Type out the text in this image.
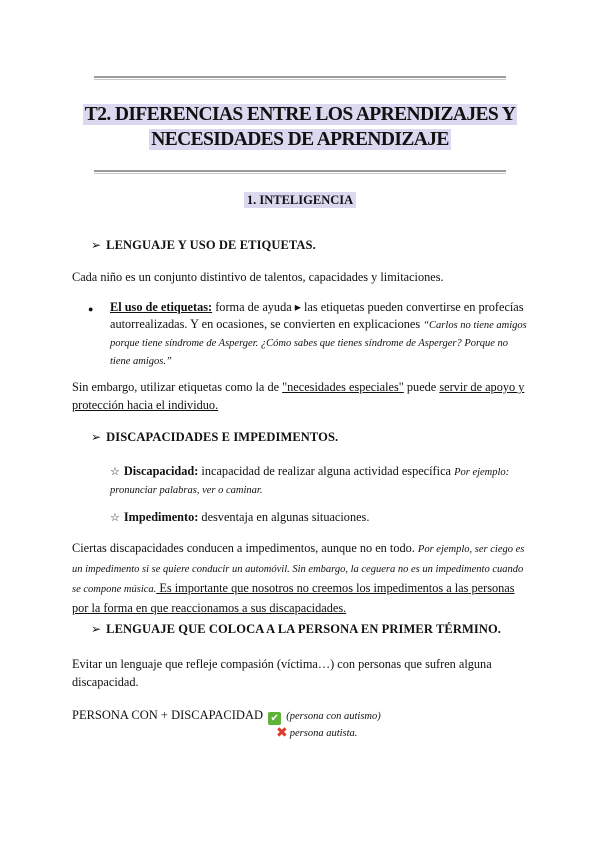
T2. DIFERENCIAS ENTRE LOS APRENDIZAJES Y
NECESIDADES DE APRENDIZAJE
1. INTELIGENCIA
➢ LENGUAJE Y USO DE ETIQUETAS.
Cada niño es un conjunto distintivo de talentos, capacidades y limitaciones.
● El uso de etiquetas: forma de ayuda ▸ las etiquetas pueden convertirse en profecías autorrealizadas. Y en ocasiones, se convierten en explicaciones “Carlos no tiene amigos porque tiene síndrome de Asperger. ¿Cómo sabes que tienes síndrome de Asperger? Porque no tiene amigos.”
Sin embargo, utilizar etiquetas como la de "necesidades especiales" puede servir de apoyo y protección hacia el individuo.
➢ DISCAPACIDADES E IMPEDIMENTOS.
☆ Discapacidad: incapacidad de realizar alguna actividad específica Por ejemplo: pronunciar palabras, ver o caminar.
☆ Impedimento: desventaja en algunas situaciones.
Ciertas discapacidades conducen a impedimentos, aunque no en todo. Por ejemplo, ser ciego es un impedimento si se quiere conducir un automóvil. Sin embargo, la ceguera no es un impedimento cuando se compone música. Es importante que nosotros no creemos los impedimentos a las personas por la forma en que reaccionamos a sus discapacidades.
➢ LENGUAJE QUE COLOCA A LA PERSONA EN PRIMER TÉRMINO.
Evitar un lenguaje que refleje compasión (víctima…) con personas que sufren alguna discapacidad.
PERSONA CON + DISCAPACIDAD ✔ (persona con autismo)
✖ persona autista.
